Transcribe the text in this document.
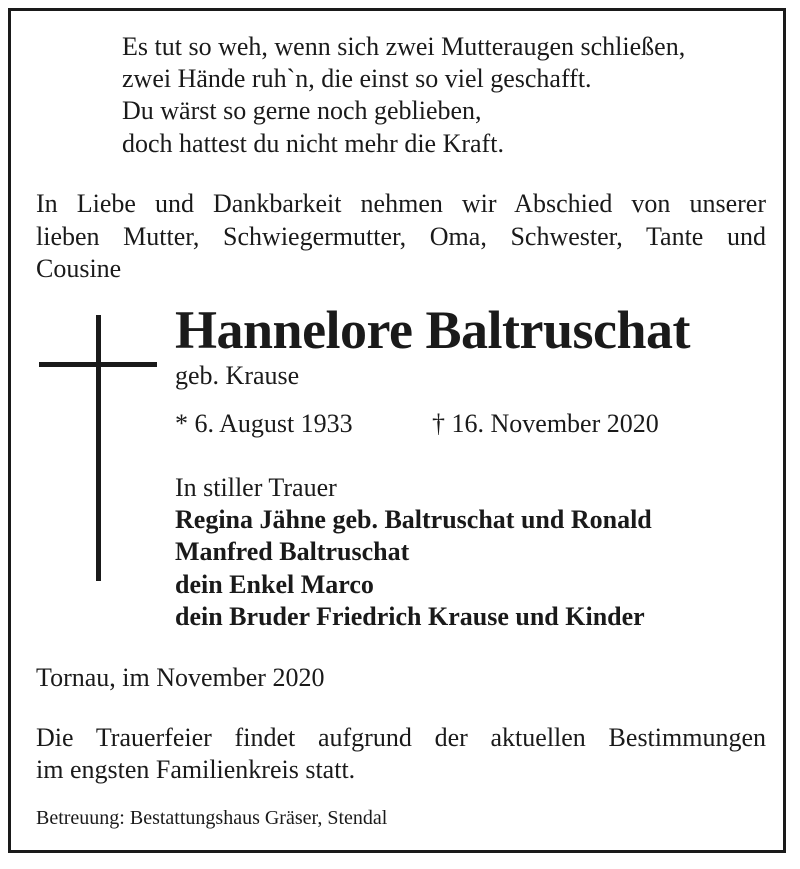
Es tut so weh, wenn sich zwei Mutteraugen schließen,
zwei Hände ruh`n, die einst so viel geschafft.
Du wärst so gerne noch geblieben,
doch hattest du nicht mehr die Kraft.
In Liebe und Dankbarkeit nehmen wir Abschied von unserer
lieben Mutter, Schwiegermutter, Oma, Schwester, Tante und
Cousine
Hannelore Baltruschat
geb. Krause
* 6. August 1933	† 16. November 2020
In stiller Trauer
Regina Jähne geb. Baltruschat und Ronald
Manfred Baltruschat
dein Enkel Marco
dein Bruder Friedrich Krause und Kinder
Tornau, im November 2020
Die Trauerfeier findet aufgrund der aktuellen Bestimmungen
im engsten Familienkreis statt.
Betreuung: Bestattungshaus Gräser, Stendal
